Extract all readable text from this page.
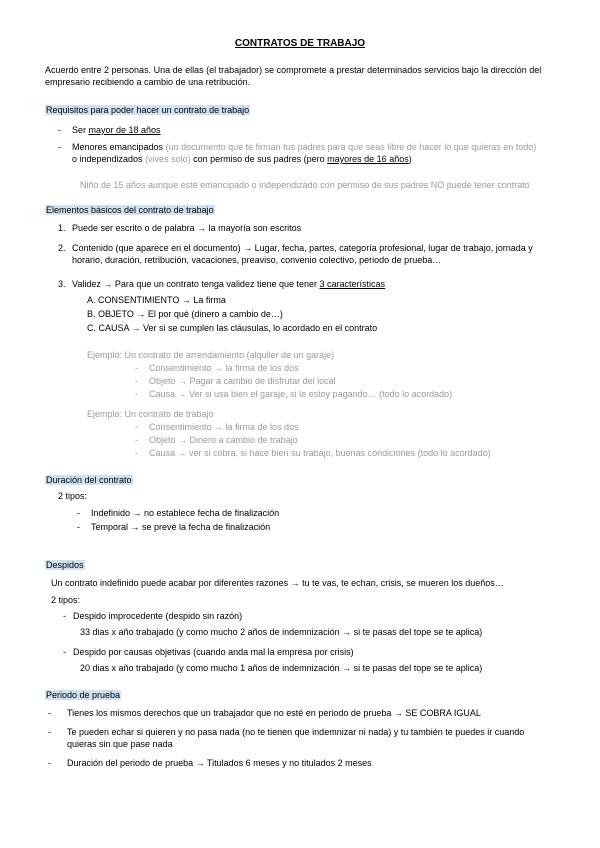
CONTRATOS DE TRABAJO
Acuerdo entre 2 personas. Una de ellas (el trabajador) se compromete a prestar determinados servicios bajo la dirección del empresario recibiendo a cambio de una retribución.
Requisitos para poder hacer un contrato de trabajo
- Ser mayor de 18 años
- Menores emancipados (un documento que te firman tus padres para que seas libre de hacer lo que quieras en todo) o independizados (vives solo) con permiso de sus padres (pero mayores de 16 años)
Niño de 15 años aunque esté emancipado o independizado con permiso de sus padres NO puede tener contrato
Elementos básicos del contrato de trabajo
1. Puede ser escrito o de palabra → la mayoría son escritos
2. Contenido (que aparece en el documento) → Lugar, fecha, partes, categoría profesional, lugar de trabajo, jornada y horario, duración, retribución, vacaciones, preaviso, convenio colectivo, periodo de prueba…
3. Validez → Para que un contrato tenga validez tiene que tener 3 características
A. CONSENTIMIENTO → La firma
B. OBJETO → El por qué (dinero a cambio de…)
C. CAUSA → Ver si se cumplen las cláusulas, lo acordado en el contrato
Ejemplo: Un contrato de arrendamiento (alquiler de un garaje)
- Consentimiento → la firma de los dos
- Objeto → Pagar a cambio de disfrutar del local
- Causa → Ver si usa bien el garaje, si le estoy pagando… (todo lo acordado)
Ejemplo: Un contrato de trabajo
- Consentimiento → la firma de los dos
- Objeto → Dinero a cambio de trabajo
- Causa → ver si cobra, si hace bien su trabajo, buenas condiciones (todo lo acordado)
Duración del contrato
2 tipos:
- Indefinido → no establece fecha de finalización
- Temporal → se prevé la fecha de finalización
Despidos
Un contrato indefinido puede acabar por diferentes razones → tu te vas, te echan, crisis, se mueren los dueños…
2 tipos:
- Despido improcedente (despido sin razón)
33 dias x año trabajado (y como mucho 2 años de indemnización → si te pasas del tope se te aplica)
- Despido por causas objetivas (cuando anda mal la empresa por crisis)
20 dias x año trabajado (y como mucho 1 años de indemnización → si te pasas del tope se te aplica)
Periodo de prueba
- Tienes los mismos derechos que un trabajador que no esté en periodo de prueba → SE COBRA IGUAL
- Te pueden echar si quieren y no pasa nada (no te tienen que indemnizar ni nada) y tu también te puedes ir cuando quieras sin que pase nada
- Duración del periodo de prueba → Titulados 6 meses y no titulados 2 meses
